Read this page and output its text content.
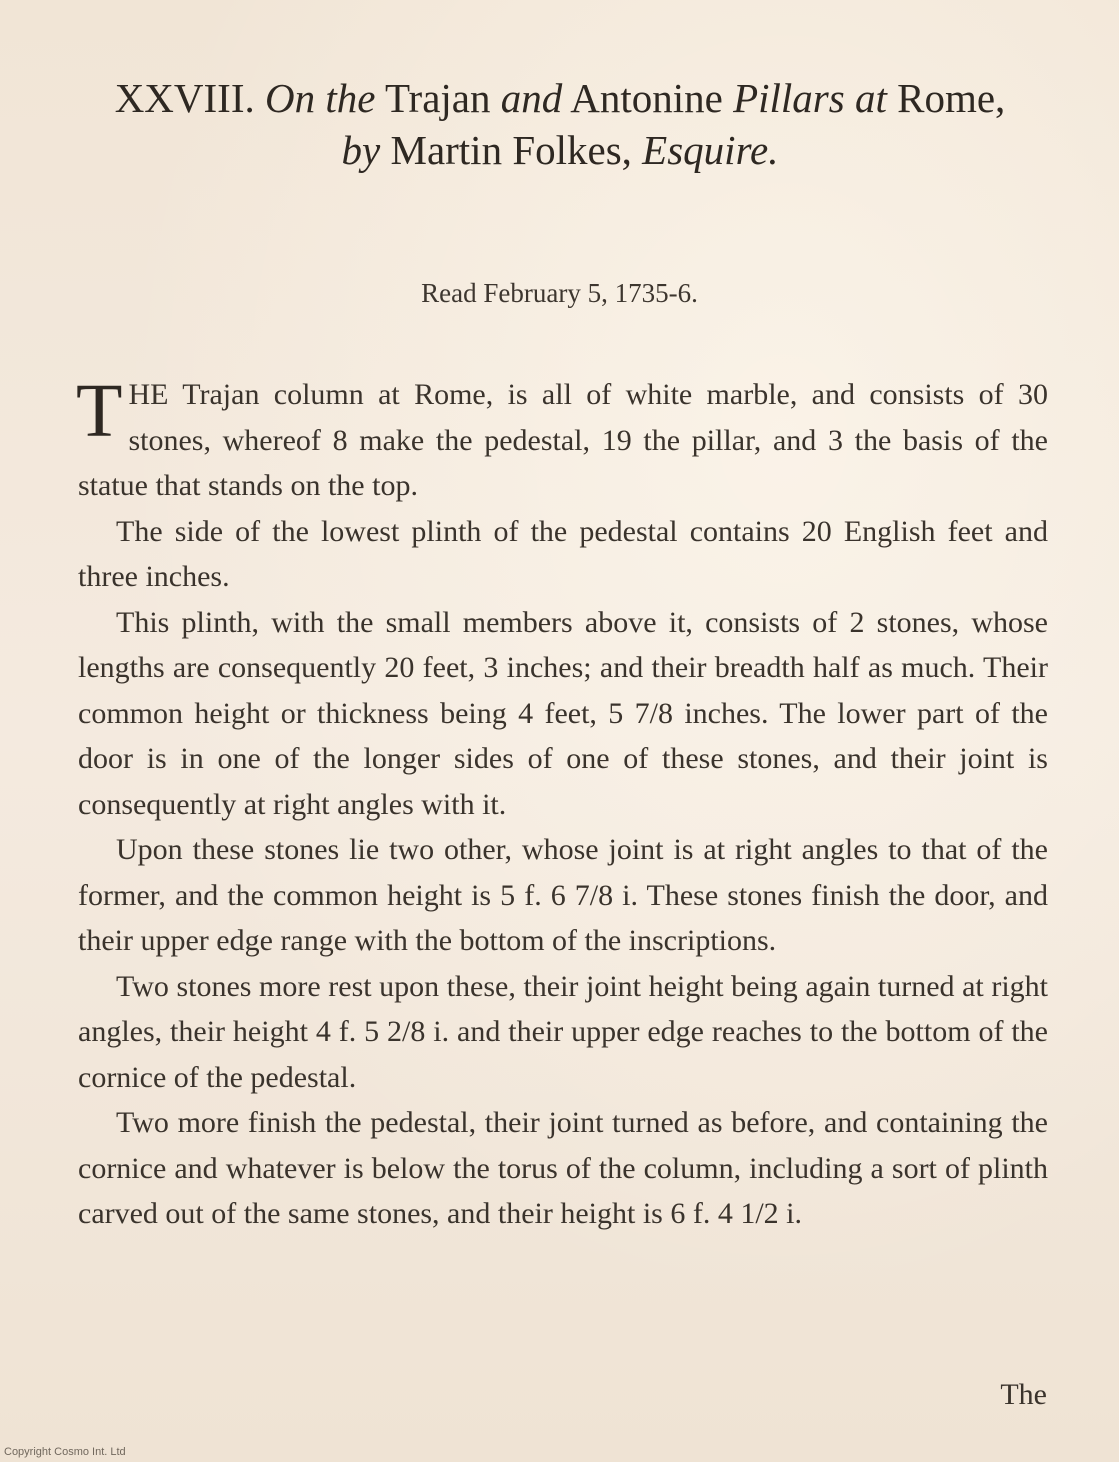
XXVIII. On the Trajan and Antonine Pillars at Rome,
by Martin Folkes, Esquire.
Read February 5, 1735-6.

THE Trajan column at Rome, is all of white marble, and consists of 30 stones, whereof 8 make the pedestal, 19 the pillar, and 3 the basis of the statue that stands on the top.

The side of the lowest plinth of the pedestal contains 20 English feet and three inches.

This plinth, with the small members above it, consists of 2 stones, whose lengths are consequently 20 feet, 3 inches; and their breadth half as much. Their common height or thickness being 4 feet, 5 7/8 inches. The lower part of the door is in one of the longer sides of one of these stones, and their joint is consequently at right angles with it.

Upon these stones lie two other, whose joint is at right angles to that of the former, and the common height is 5 f. 6 7/8 i. These stones finish the door, and their upper edge range with the bottom of the inscriptions.

Two stones more rest upon these, their joint height being again turned at right angles, their height 4 f. 5 2/8 i. and their upper edge reaches to the bottom of the cornice of the pedestal.

Two more finish the pedestal, their joint turned as before, and containing the cornice and whatever is below the torus of the column, including a sort of plinth carved out of the same stones, and their height is 6 f. 4 1/2 i.

The
Copyright Cosmo Int. Ltd
